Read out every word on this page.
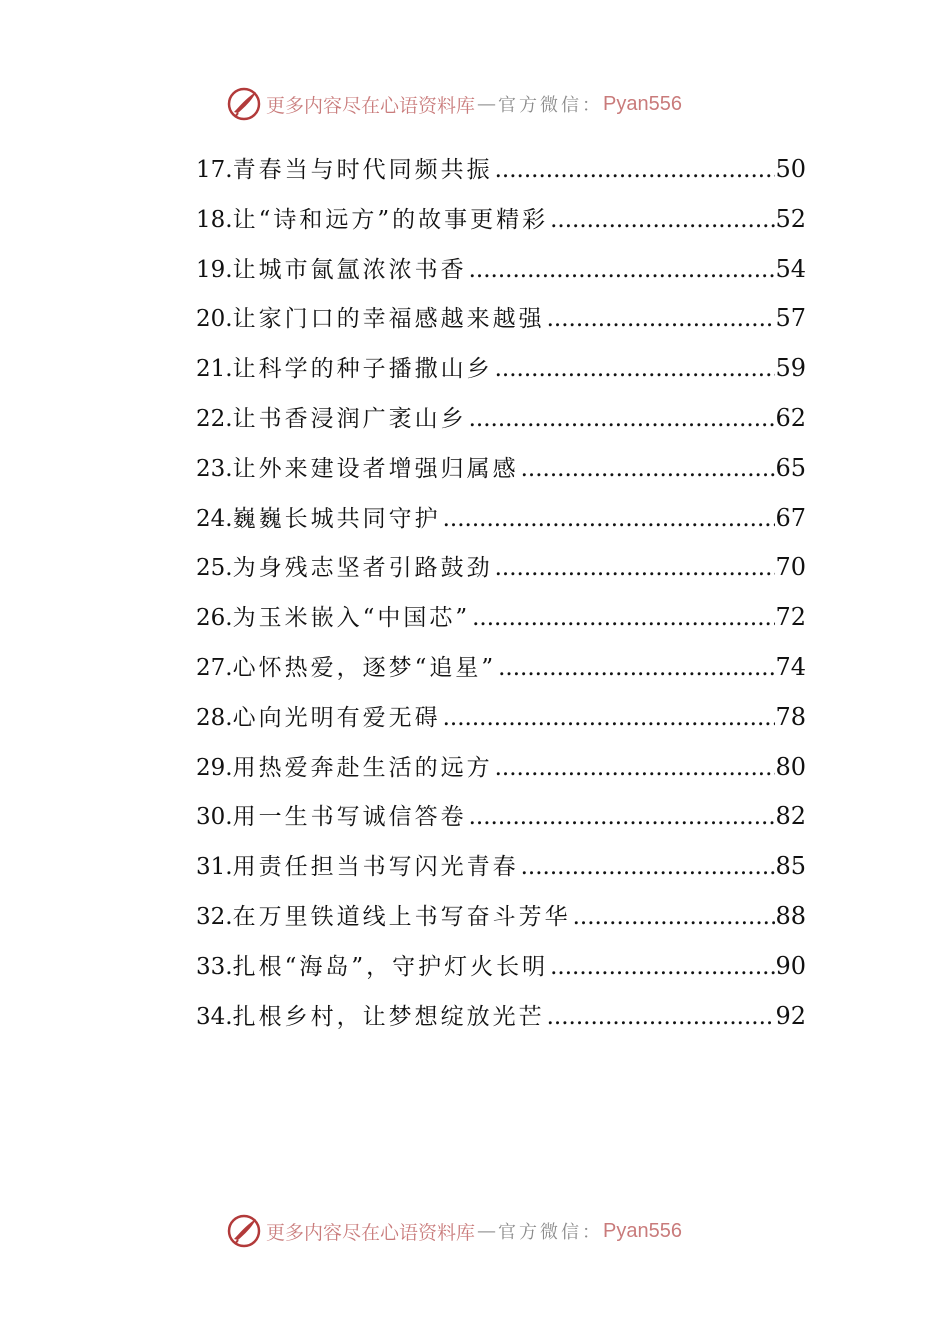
更多内容尽在心语资料库 — 官方微信： Pyan556
17. 青春当与时代同频共振 .....	50
18. 让“诗和远方”的故事更精彩 .....	52
19. 让城市氤氲浓浓书香 .....	54
20. 让家门口的幸福感越来越强 .....	57
21. 让科学的种子播撒山乡 .....	59
22. 让书香浸润广袤山乡 .....	62
23. 让外来建设者增强归属感 .....	65
24. 巍巍长城共同守护 .....	67
25. 为身残志坚者引路鼓劲 .....	70
26. 为玉米嵌入“中国芯” .....	72
27. 心怀热爱，逐梦“追星” .....	74
28. 心向光明有爱无碍 .....	78
29. 用热爱奔赴生活的远方 .....	80
30. 用一生书写诚信答卷 .....	82
31. 用责任担当书写闪光青春 .....	85
32. 在万里铁道线上书写奋斗芳华 .....	88
33. 扎根“海岛”，守护灯火长明 .....	90
34. 扎根乡村，让梦想绽放光芒 .....	92
更多内容尽在心语资料库 — 官方微信： Pyan556
